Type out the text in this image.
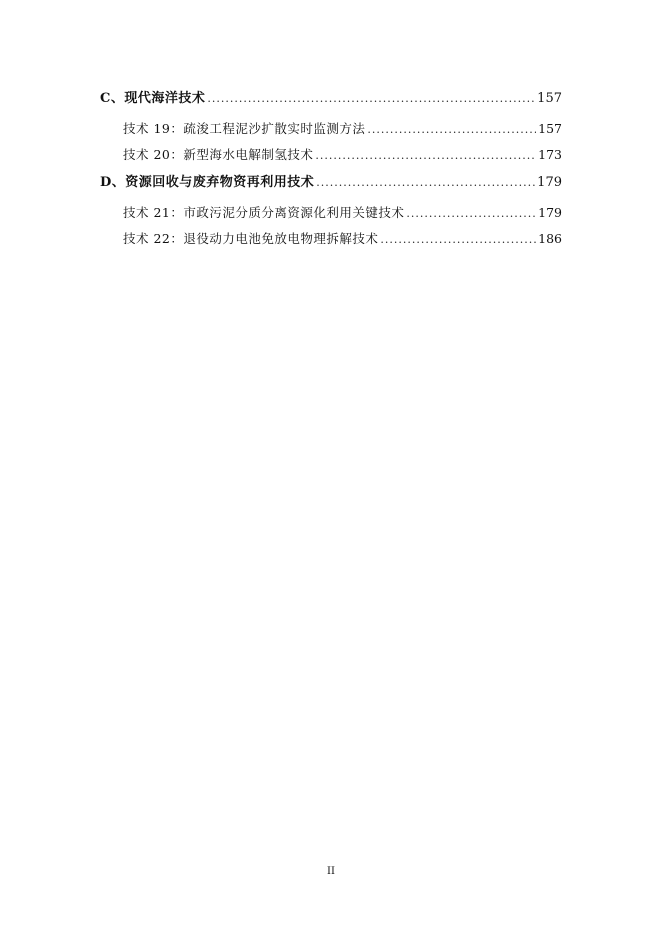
C、现代海洋技术 .....	157
技术 19：疏浚工程泥沙扩散实时监测方法 .....	157
技术 20：新型海水电解制氢技术 .....	173
D、资源回收与废弃物资再利用技术 .....	179
技术 21：市政污泥分质分离资源化利用关键技术 .....	179
技术 22：退役动力电池免放电物理拆解技术 .....	186
II
